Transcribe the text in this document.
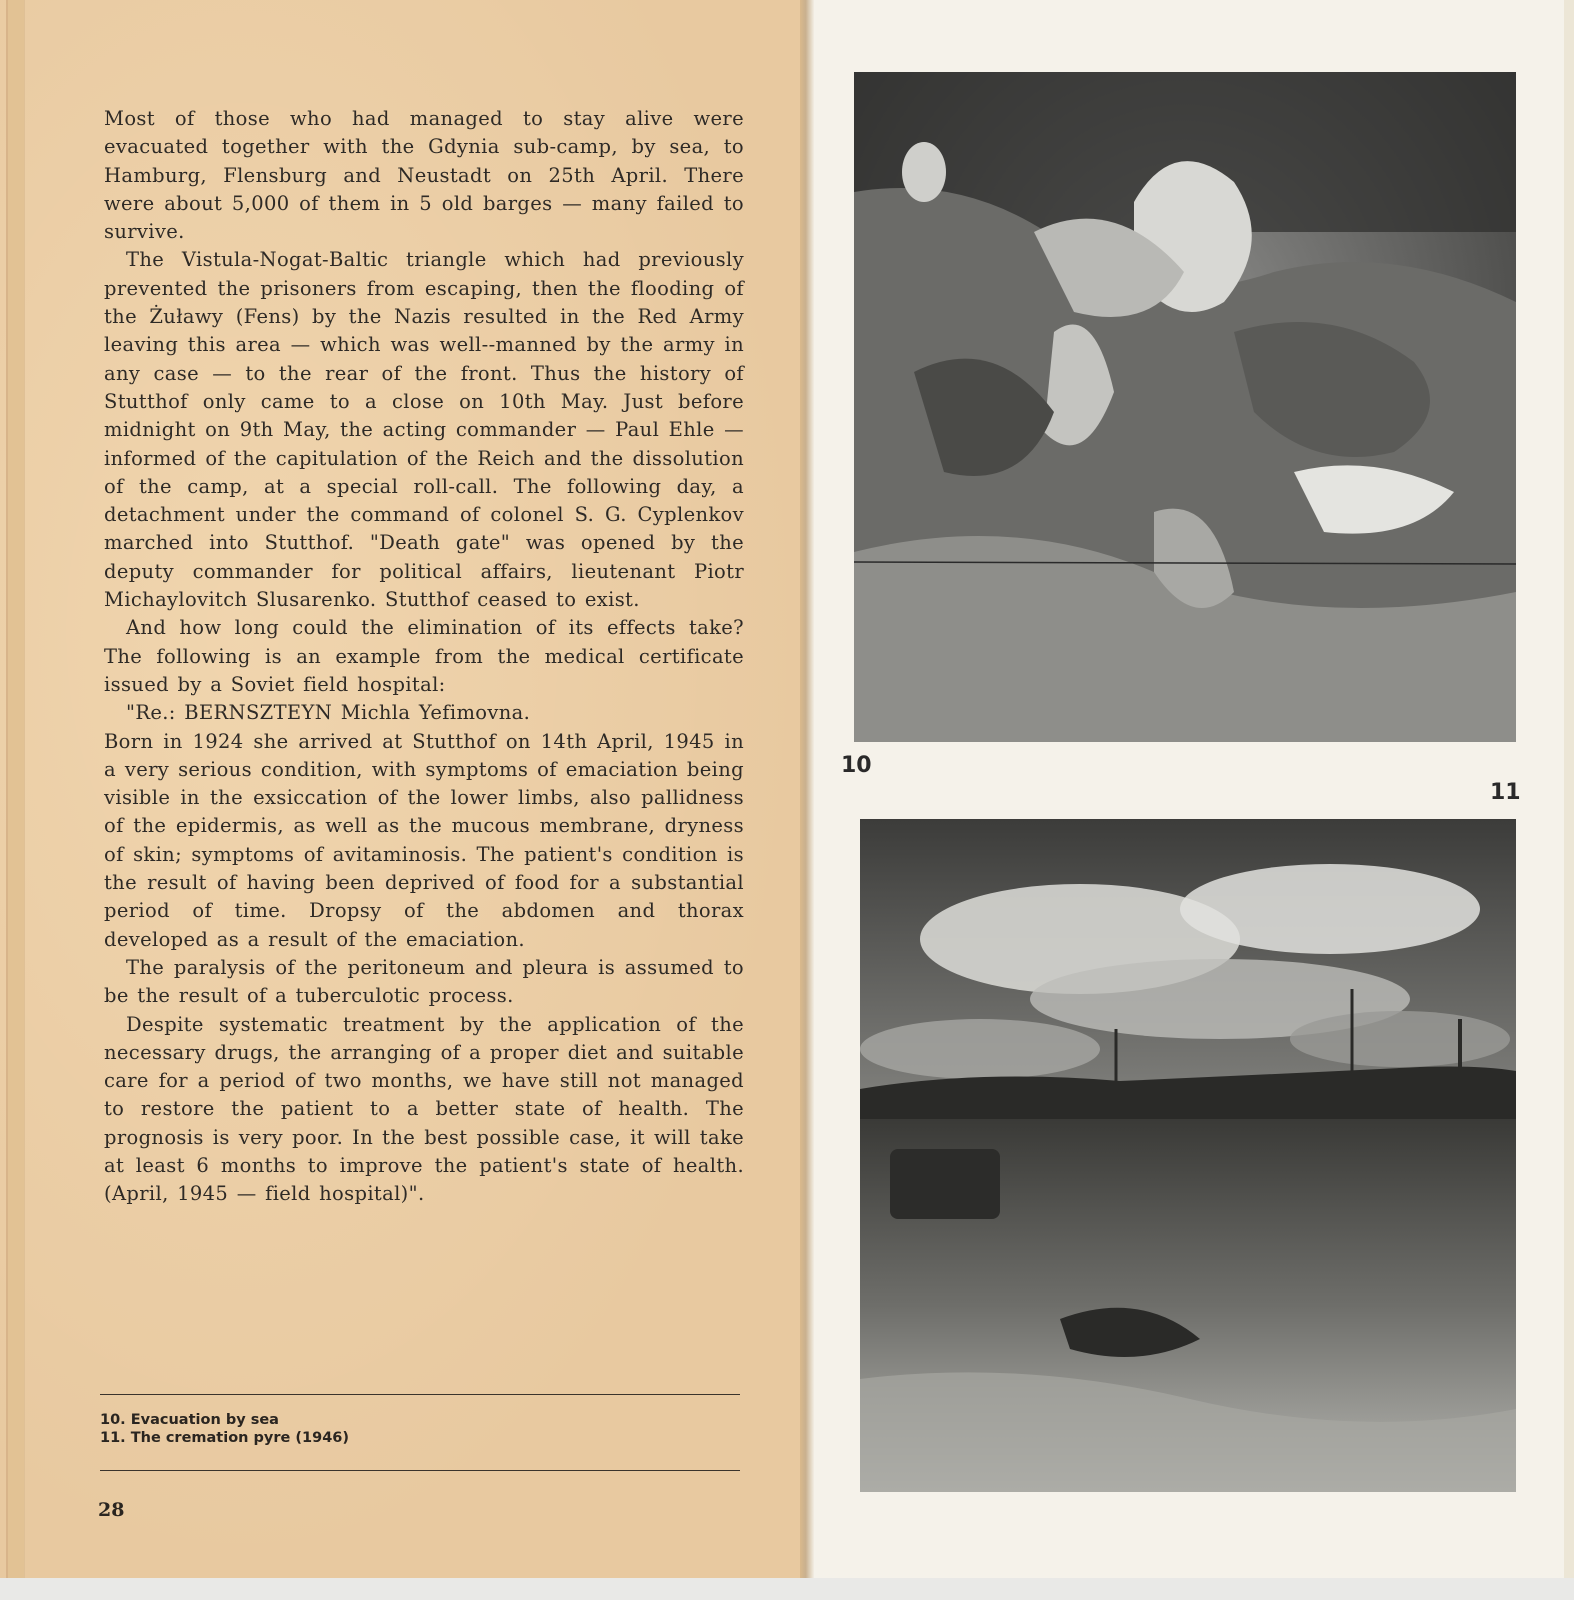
Most of those who had managed to stay alive were evacuated together with the Gdynia sub-camp, by sea, to Hamburg, Flensburg and Neustadt on 25th April. There were about 5,000 of them in 5 old barges — many failed to survive.

The Vistula-Nogat-Baltic triangle which had previously prevented the prisoners from escaping, then the flooding of the Żuławy (Fens) by the Nazis resulted in the Red Army leaving this area — which was well--manned by the army in any case — to the rear of the front. Thus the history of Stutthof only came to a close on 10th May. Just before midnight on 9th May, the acting commander — Paul Ehle — informed of the capitulation of the Reich and the dissolution of the camp, at a special roll-call. The following day, a detachment under the command of colonel S. G. Cyplenkov marched into Stutthof. "Death gate" was opened by the deputy commander for political affairs, lieutenant Piotr Michaylovitch Slusarenko. Stutthof ceased to exist.

And how long could the elimination of its effects take? The following is an example from the medical certificate issued by a Soviet field hospital:

"Re.: BERNSZTEYN Michla Yefimovna.

Born in 1924 she arrived at Stutthof on 14th April, 1945 in a very serious condition, with symptoms of emaciation being visible in the exsiccation of the lower limbs, also pallidness of the epidermis, as well as the mucous membrane, dryness of skin; symptoms of avitaminosis. The patient's condition is the result of having been deprived of food for a substantial period of time. Dropsy of the abdomen and thorax developed as a result of the emaciation.

The paralysis of the peritoneum and pleura is assumed to be the result of a tuberculotic process.

Despite systematic treatment by the application of the necessary drugs, the arranging of a proper diet and suitable care for a period of two months, we have still not managed to restore the patient to a better state of health. The prognosis is very poor. In the best possible case, it will take at least 6 months to improve the patient's state of health. (April, 1945 — field hospital)".

10. Evacuation by sea
11. The cremation pyre (1946)
28
10
11
